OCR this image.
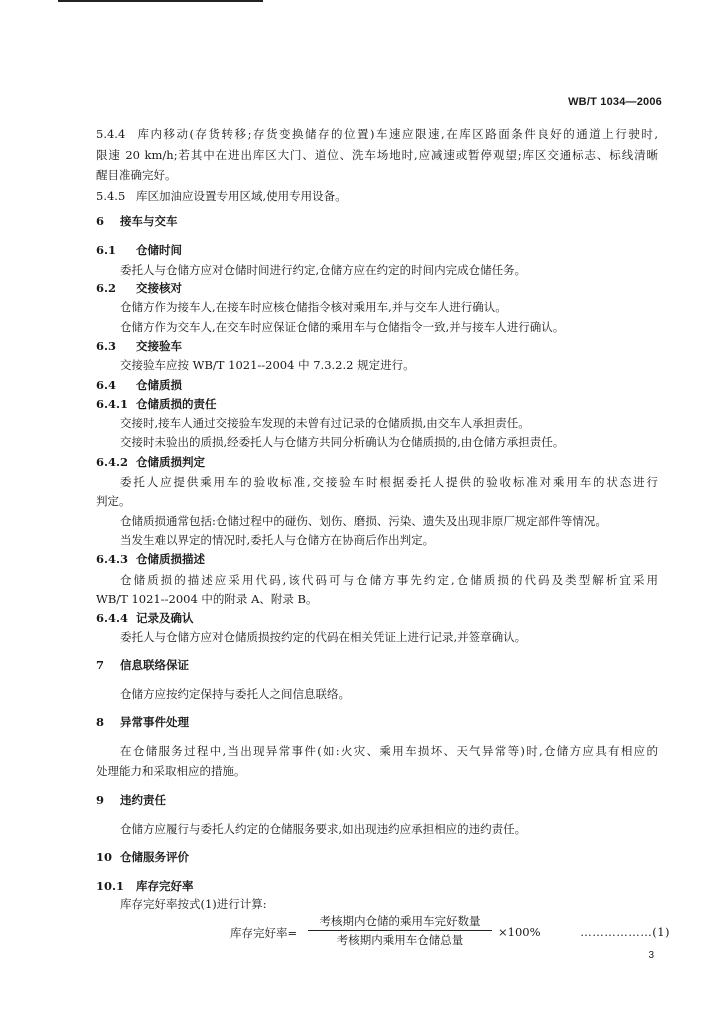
WB/T 1034—2006
5.4.4 库内移动(存货转移;存货变换储存的位置)车速应限速,在库区路面条件良好的通道上行驶时,
限速 20 km/h;若其中在进出库区大门、道位、洗车场地时,应减速或暂停观望;库区交通标志、标线清晰
醒目准确完好。
5.4.5 库区加油应设置专用区域,使用专用设备。
6 接车与交车
6.1 仓储时间
委托人与仓储方应对仓储时间进行约定,仓储方应在约定的时间内完成仓储任务。
6.2 交接核对
仓储方作为接车人,在接车时应核仓储指令核对乘用车,并与交车人进行确认。
仓储方作为交车人,在交车时应保证仓储的乘用车与仓储指令一致,并与接车人进行确认。
6.3 交接验车
交接验车应按 WB/T 1021--2004 中 7.3.2.2 规定进行。
6.4 仓储质损
6.4.1 仓储质损的责任
交接时,接车人通过交接验车发现的未曾有过记录的仓储质损,由交车人承担责任。
交接时未验出的质损,经委托人与仓储方共同分析确认为仓储质损的,由仓储方承担责任。
6.4.2 仓储质损判定
委托人应提供乘用车的验收标准,交接验车时根据委托人提供的验收标准对乘用车的状态进行
判定。
仓储质损通常包括:仓储过程中的碰伤、划伤、磨损、污染、遗失及出现非原厂规定部件等情况。
当发生难以界定的情况时,委托人与仓储方在协商后作出判定。
6.4.3 仓储质损描述
仓储质损的描述应采用代码,该代码可与仓储方事先约定,仓储质损的代码及类型解析宜采用
WB/T 1021--2004 中的附录 A、附录 B。
6.4.4 记录及确认
委托人与仓储方应对仓储质损按约定的代码在相关凭证上进行记录,并签章确认。
7 信息联络保证
仓储方应按约定保持与委托人之间信息联络。
8 异常事件处理
在仓储服务过程中,当出现异常事件(如:火灾、乘用车损坏、天气异常等)时,仓储方应具有相应的
处理能力和采取相应的措施。
9 违约责任
仓储方应履行与委托人约定的仓储服务要求,如出现违约应承担相应的违约责任。
10 仓储服务评价
10.1 库存完好率
库存完好率按式(1)进行计算:
库存完好率=
考核期内仓储的乘用车完好数量
考核期内乘用车仓储总量
×100%	………………(1)
3
